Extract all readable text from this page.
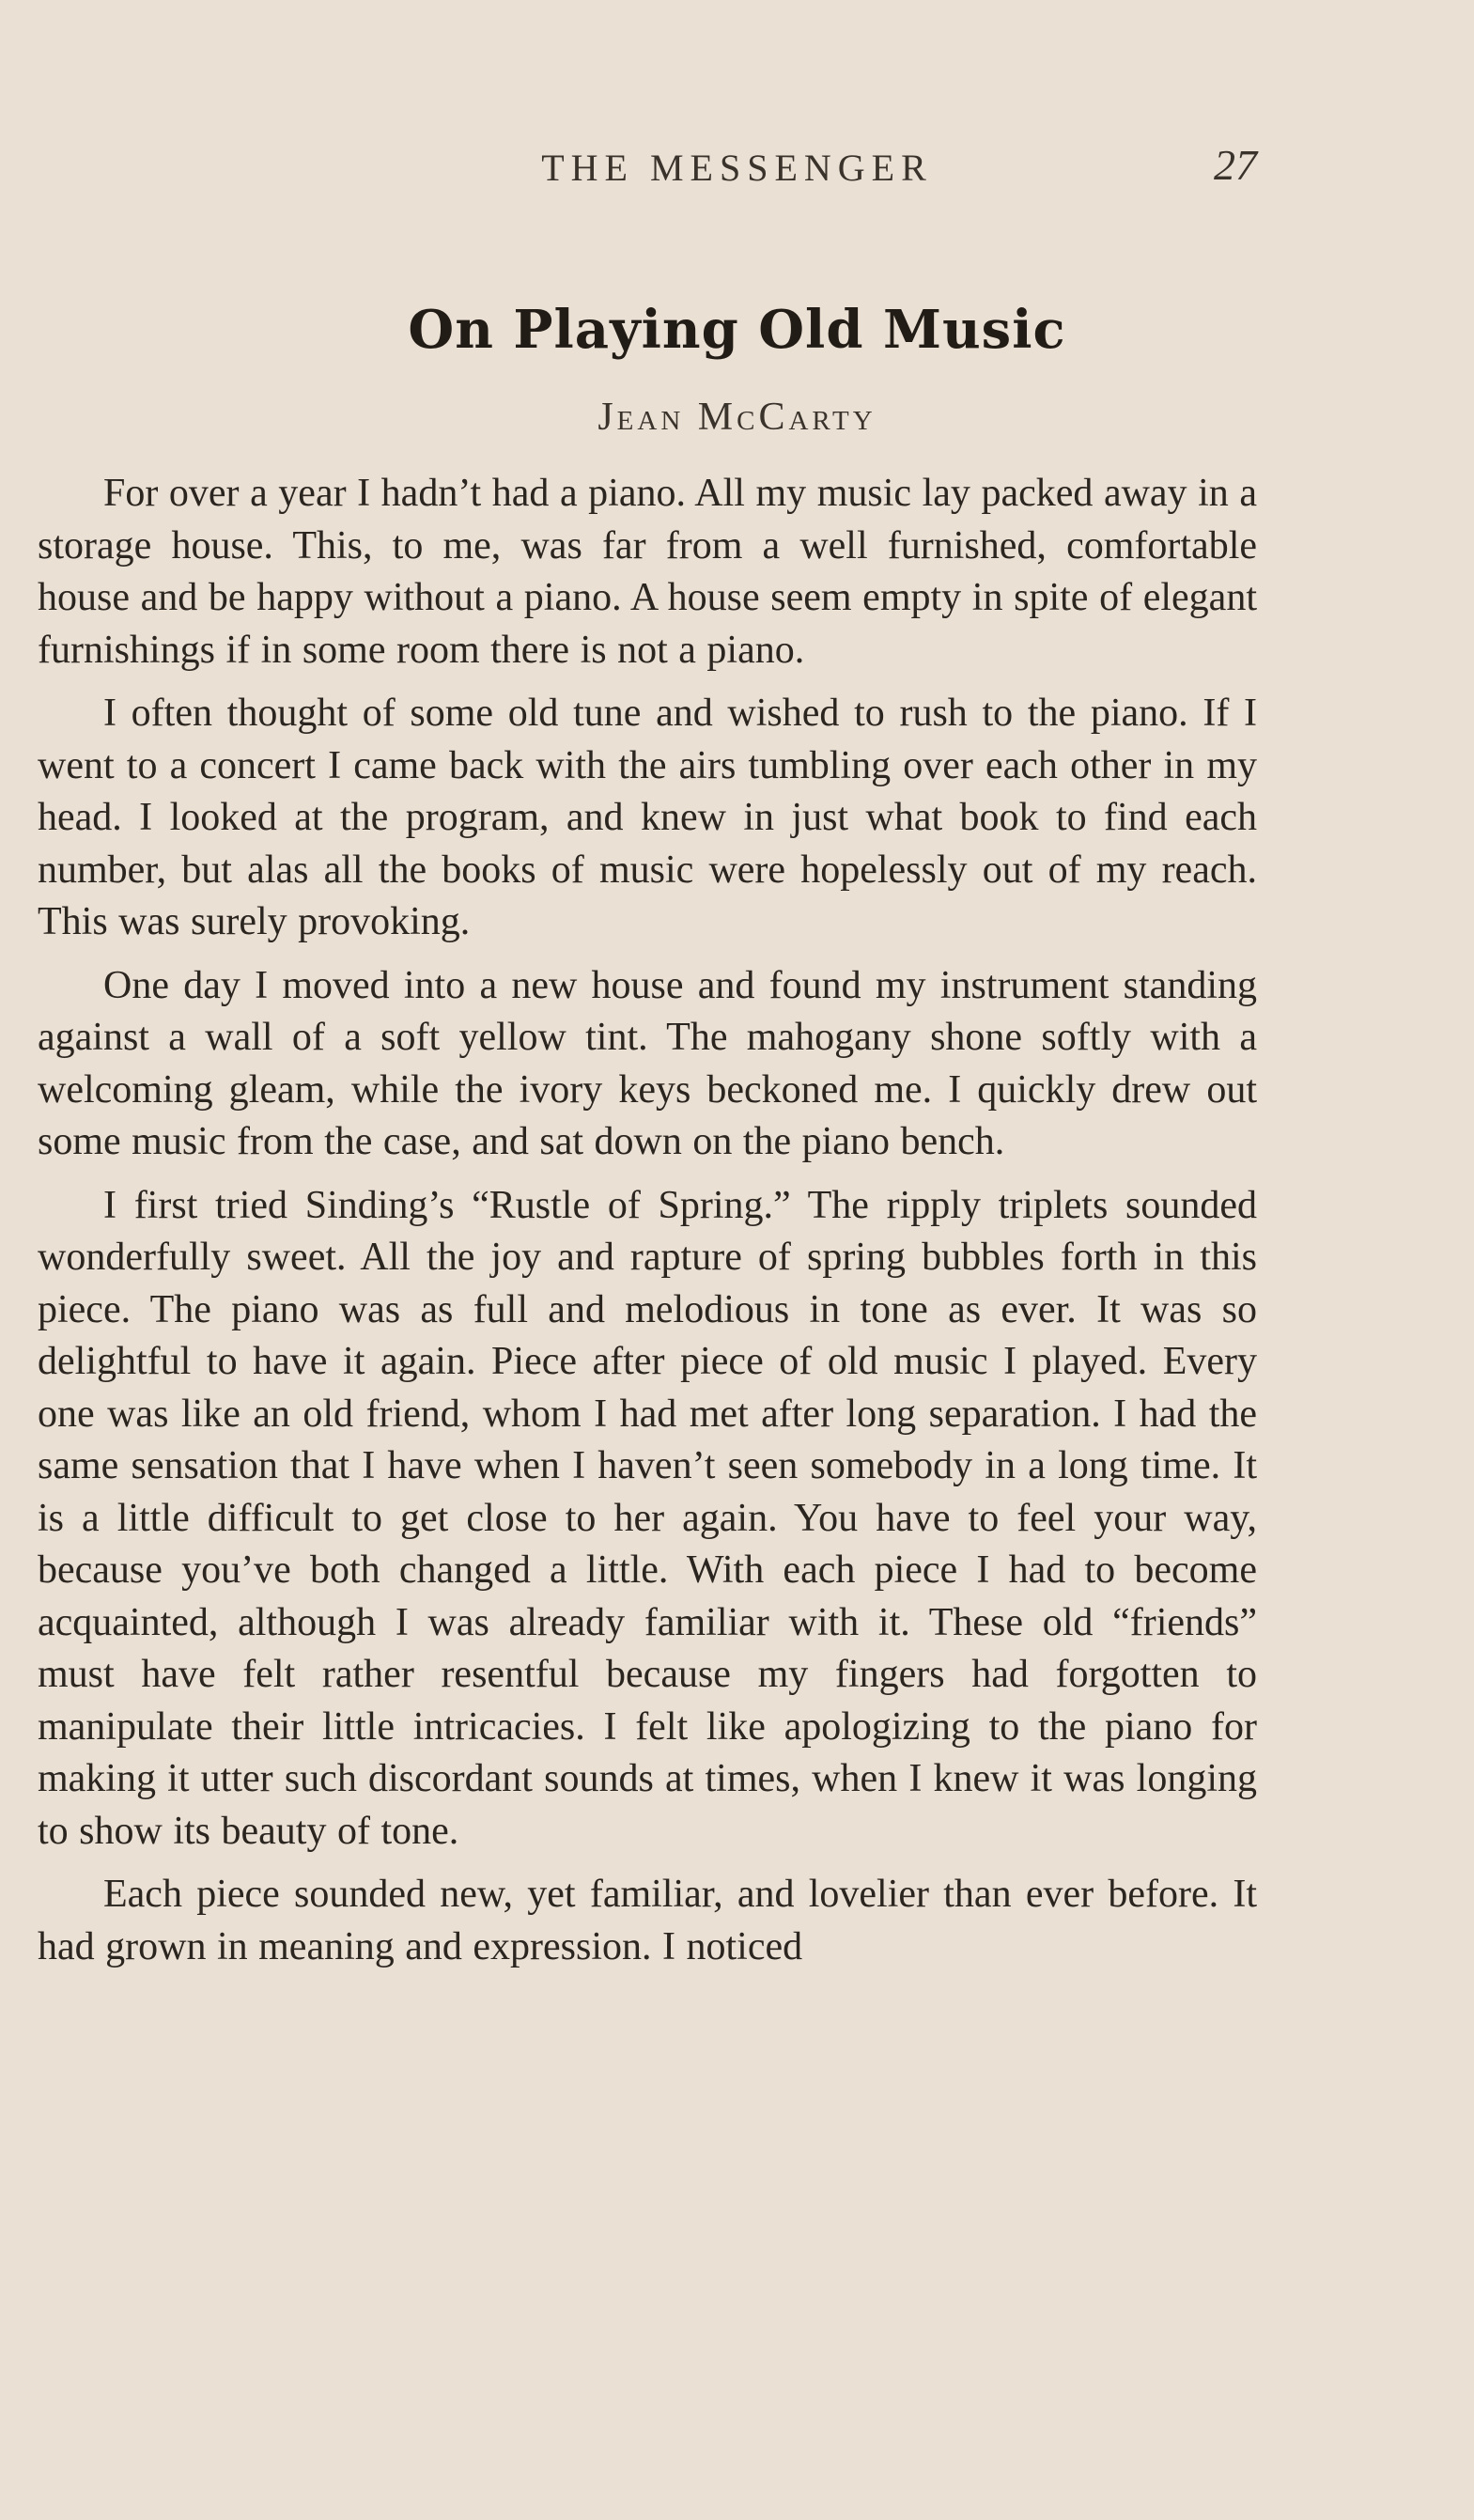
THE MESSENGER	27
On Playing Old Music
Jean McCarty

For over a year I hadn’t had a piano. All my music lay packed away in a storage house. This, to me, was far from a well furnished, comfortable house and be happy without a piano. A house seem empty in spite of elegant furnishings if in some room there is not a piano.

I often thought of some old tune and wished to rush to the piano. If I went to a concert I came back with the airs tumbling over each other in my head. I looked at the program, and knew in just what book to find each number, but alas all the books of music were hopelessly out of my reach. This was surely provoking.

One day I moved into a new house and found my instrument standing against a wall of a soft yellow tint. The mahogany shone softly with a welcoming gleam, while the ivory keys beckoned me. I quickly drew out some music from the case, and sat down on the piano bench.

I first tried Sinding’s “Rustle of Spring.” The ripply triplets sounded wonderfully sweet. All the joy and rapture of spring bubbles forth in this piece. The piano was as full and melodious in tone as ever. It was so delightful to have it again. Piece after piece of old music I played. Every one was like an old friend, whom I had met after long separation. I had the same sensation that I have when I haven’t seen somebody in a long time. It is a little difficult to get close to her again. You have to feel your way, because you’ve both changed a little. With each piece I had to become acquainted, although I was already familiar with it. These old “friends” must have felt rather resentful because my fingers had forgotten to manipulate their little intricacies. I felt like apologizing to the piano for making it utter such discordant sounds at times, when I knew it was longing to show its beauty of tone.

Each piece sounded new, yet familiar, and lovelier than ever before. It had grown in meaning and expression. I noticed
